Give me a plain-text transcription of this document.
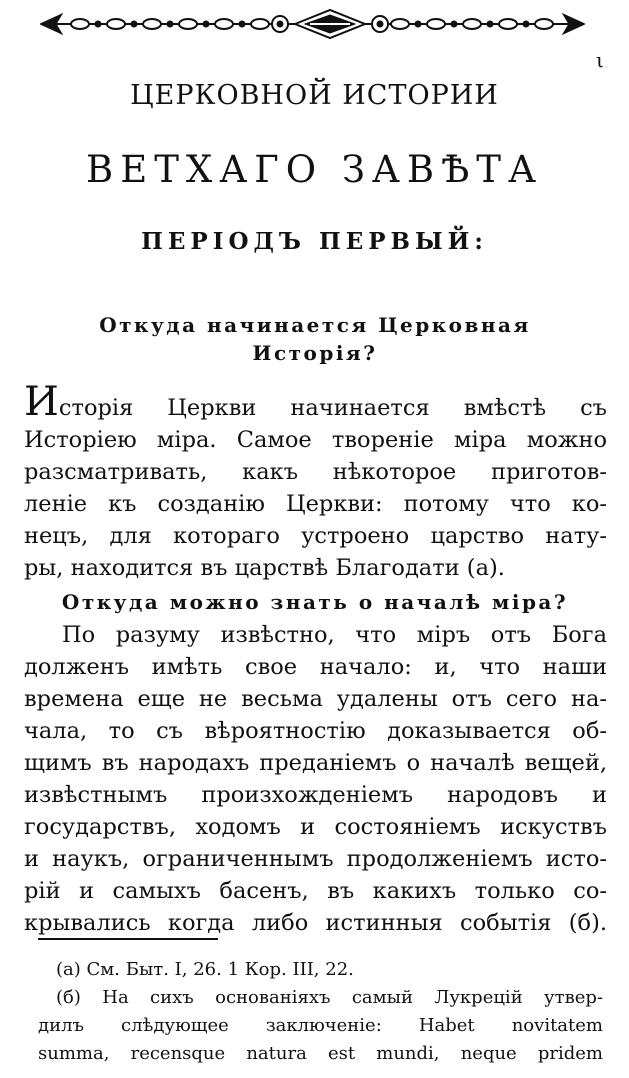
ι
ЦЕРКОВНОЙ ИСТОРИИ
ВЕТХАГО ЗАВѢТА
ПЕРІОДЪ ПЕРВЫЙ:
Откуда начинается Церковная
Исторія?
Исторія Церкви начинается вмѣстѣ съ
Исторіею міра. Самое твореніе міра можно
разсматривать, какъ нѣкоторое приготов-
леніе къ созданію Церкви: потому что ко-
нецъ, для котораго устроено царство нату-
ры, находится въ царствѣ Благодати (а).
Откуда можно знать о началѣ міра?
По разуму извѣстно, что міръ отъ Бога
долженъ имѣть свое начало: и, что наши
времена еще не весьма удалены отъ сего на-
чала, то съ вѣроятностію доказывается об-
щимъ въ народахъ преданіемъ о началѣ вещей,
извѣстнымъ произхожденіемъ народовъ и
государствъ, ходомъ и состояніемъ искуствъ
и наукъ, ограниченнымъ продолженіемъ исто-
рій и самыхъ басенъ, въ какихъ только со-
крывались когда либо истинныя событія (б).
(а) См. Быт. I, 26. 1 Кор. III, 22.
(б) На сихъ основаніяхъ самый Лукрецій утвер-
дилъ слѣдующее заключеніе: Habet novitatem
summa, recensque natura est mundi, neque pridem
